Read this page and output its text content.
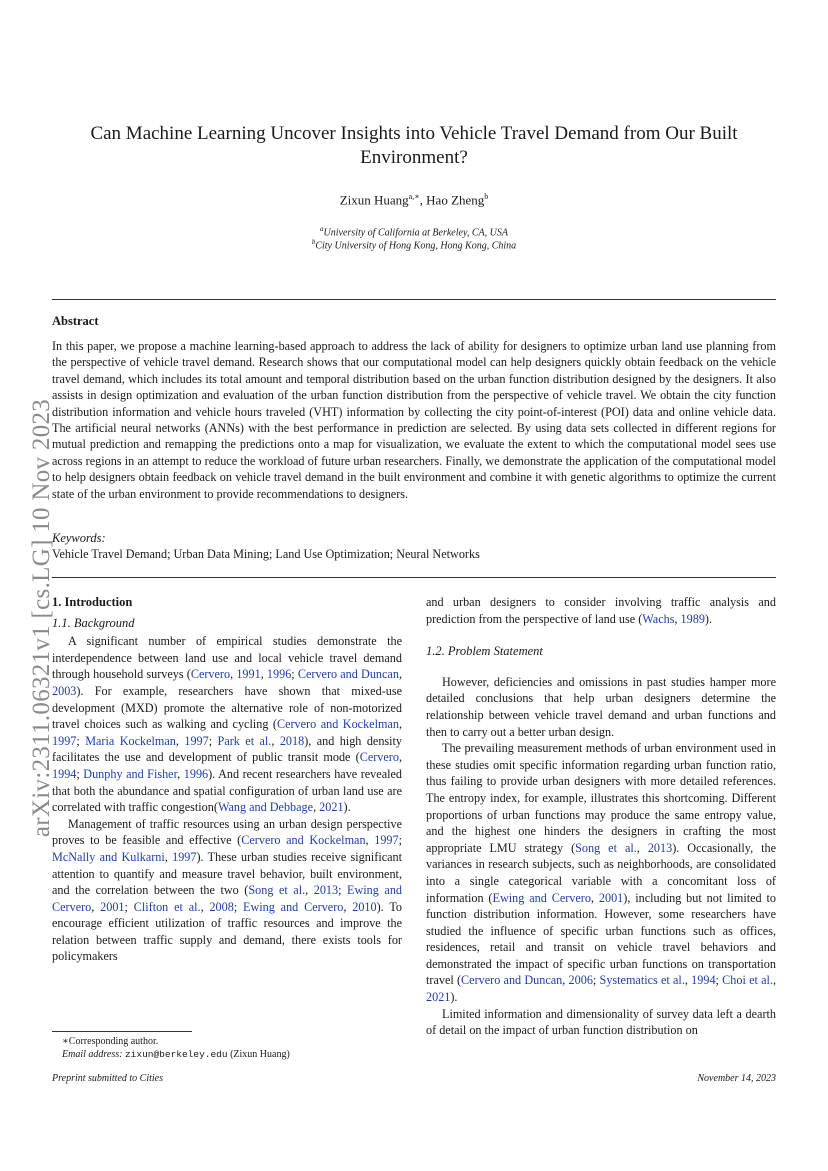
arXiv:2311.06321v1 [cs.LG] 10 Nov 2023
Can Machine Learning Uncover Insights into Vehicle Travel Demand from Our Built Environment?
Zixun Huang$^{a,∗}$, Hao Zheng$^b$
$^a$University of California at Berkeley, CA, USA
$^b$City University of Hong Kong, Hong Kong, China
Abstract
In this paper, we propose a machine learning-based approach to address the lack of ability for designers to optimize urban land use planning from the perspective of vehicle travel demand. Research shows that our computational model can help designers quickly obtain feedback on the vehicle travel demand, which includes its total amount and temporal distribution based on the urban function distribution designed by the designers. It also assists in design optimization and evaluation of the urban function distribution from the perspective of vehicle travel. We obtain the city function distribution information and vehicle hours traveled (VHT) information by collecting the city point-of-interest (POI) data and online vehicle data. The artificial neural networks (ANNs) with the best performance in prediction are selected. By using data sets collected in different regions for mutual prediction and remapping the predictions onto a map for visualization, we evaluate the extent to which the computational model sees use across regions in an attempt to reduce the workload of future urban researchers. Finally, we demonstrate the application of the computational model to help designers obtain feedback on vehicle travel demand in the built environment and combine it with genetic algorithms to optimize the current state of the urban environment to provide recommendations to designers.
Keywords:
Vehicle Travel Demand; Urban Data Mining; Land Use Optimization; Neural Networks
1. Introduction
1.1. Background

A significant number of empirical studies demonstrate the interdependence between land use and local vehicle travel demand through household surveys (Cervero, 1991, 1996; Cervero and Duncan, 2003). For example, researchers have shown that mixed-use development (MXD) promote the alternative role of non-motorized travel choices such as walking and cycling (Cervero and Kockelman, 1997; Maria Kockelman, 1997; Park et al., 2018), and high density facilitates the use and development of public transit mode (Cervero, 1994; Dunphy and Fisher, 1996). And recent researchers have revealed that both the abundance and spatial configuration of urban land use are correlated with traffic congestion(Wang and Debbage, 2021).

Management of traffic resources using an urban design perspective proves to be feasible and effective (Cervero and Kockelman, 1997; McNally and Kulkarni, 1997). These urban studies receive significant attention to quantify and measure travel behavior, built environment, and the correlation between the two (Song et al., 2013; Ewing and Cervero, 2001; Clifton et al., 2008; Ewing and Cervero, 2010). To encourage efficient utilization of traffic resources and improve the relation between traffic supply and demand, there exists tools for policymakers

and urban designers to consider involving traffic analysis and prediction from the perspective of land use (Wachs, 1989).

1.2. Problem Statement

However, deficiencies and omissions in past studies hamper more detailed conclusions that help urban designers determine the relationship between vehicle travel demand and urban functions and then to carry out a better urban design.

The prevailing measurement methods of urban environment used in these studies omit specific information regarding urban function ratio, thus failing to provide urban designers with more detailed references. The entropy index, for example, illustrates this shortcoming. Different proportions of urban functions may produce the same entropy value, and the highest one hinders the designers in crafting the most appropriate LMU strategy (Song et al., 2013). Occasionally, the variances in research subjects, such as neighborhoods, are consolidated into a single categorical variable with a concomitant loss of information (Ewing and Cervero, 2001), including but not limited to function distribution information. However, some researchers have studied the influence of specific urban functions such as offices, residences, retail and transit on vehicle travel behaviors and demonstrated the impact of specific urban functions on transportation travel (Cervero and Duncan, 2006; Systematics et al., 1994; Choi et al., 2021).

Limited information and dimensionality of survey data left a dearth of detail on the impact of urban function distribution on

∗Corresponding author.
Email address: zixun@berkeley.edu (Zixun Huang)
Preprint submitted to Cities	November 14, 2023
